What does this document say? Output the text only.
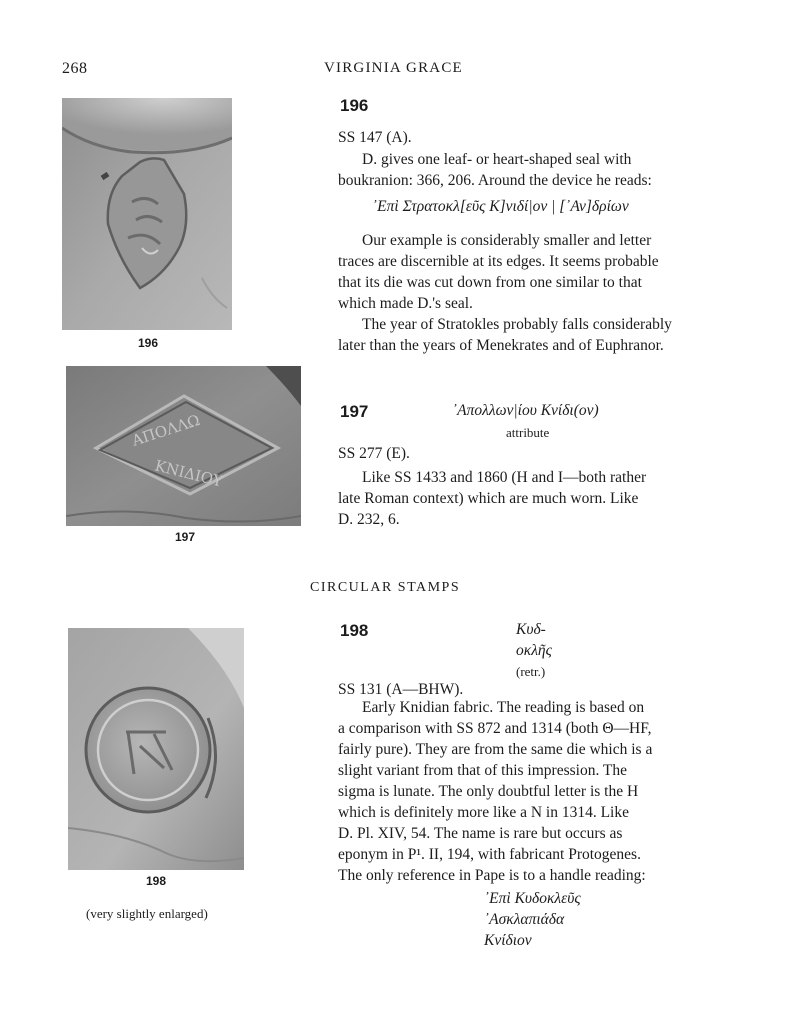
268	VIRGINIA GRACE
196
ΑΠΟΛΛΩ
ΚΝΙΔΙΟΥ
197
198
(very slightly enlarged)
196
SS 147 (A).
D. gives one leaf- or heart-shaped seal with
boukranion: 366, 206. Around the device he reads:
᾿Επὶ Στρατοκλ[εῦς Κ]νιδί|ον | [᾿Αν]δρίων
Our example is considerably smaller and letter
traces are discernible at its edges. It seems probable
that its die was cut down from one similar to that
which made D.'s seal.
The year of Stratokles probably falls considerably
later than the years of Menekrates and of Euphranor.
197	᾿Απολλων|ίου Κνίδι(ον)
attribute
SS 277 (E).
Like SS 1433 and 1860 (H and I—both rather
late Roman context) which are much worn. Like
D. 232, 6.
CIRCULAR STAMPS
198	Κυδ-
οκλῆς
(retr.)
SS 131 (A—BHW).
Early Knidian fabric. The reading is based on
a comparison with SS 872 and 1314 (both Θ—HF,
fairly pure). They are from the same die which is a
slight variant from that of this impression. The
sigma is lunate. The only doubtful letter is the H
which is definitely more like a N in 1314. Like
D. Pl. XIV, 54. The name is rare but occurs as
eponym in P¹. II, 194, with fabricant Protogenes.
The only reference in Pape is to a handle reading:
᾿Επὶ Κυδοκλεῦς
᾿Ασκλαπιάδα
Κνίδιον
